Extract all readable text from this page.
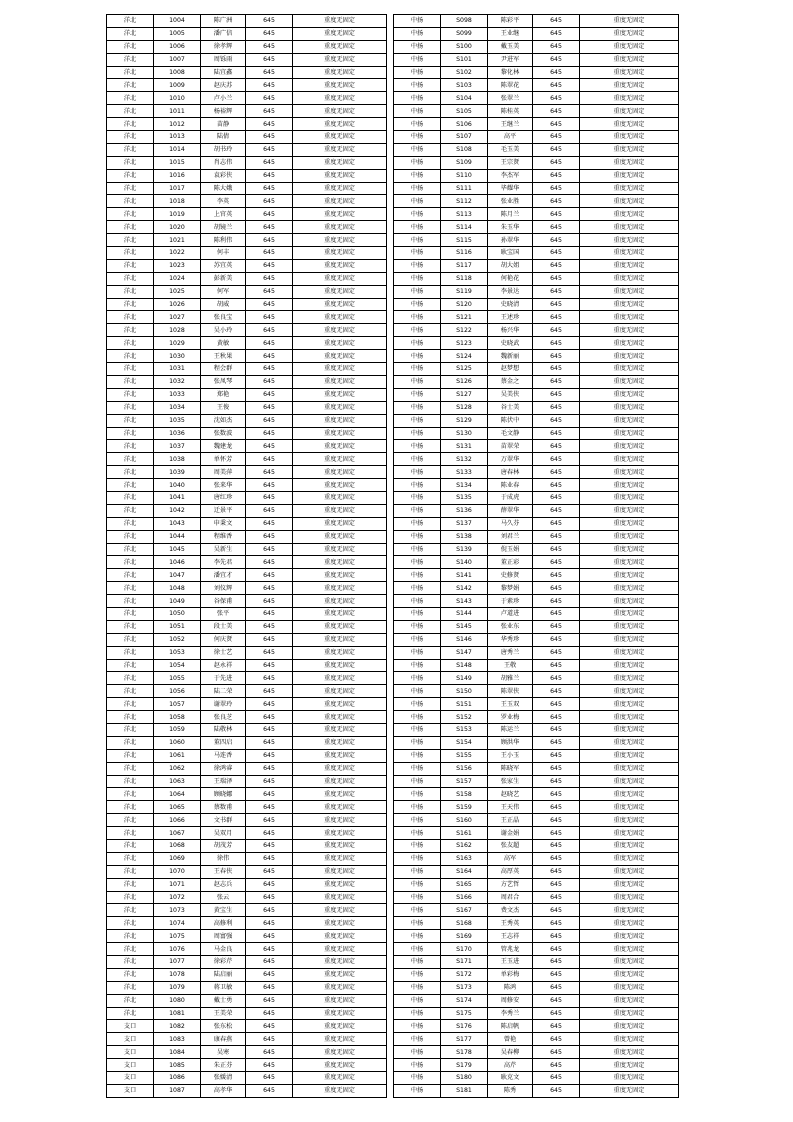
洋北	1004	陈广洲	645	重度无固定
洋北	1005	潘广信	645	重度无固定
洋北	1006	徐孝辉	645	重度无固定
洋北	1007	周铄雨	645	重度无固定
洋北	1008	陆宜鑫	645	重度无固定
洋北	1009	赵庆苏	645	重度无固定
洋北	1010	卢小兰	645	重度无固定
洋北	1011	杨裕辉	645	重度无固定
洋北	1012	苗静	645	重度无固定
洋北	1013	陆倩	645	重度无固定
洋北	1014	胡书玲	645	重度无固定
洋北	1015	肖志伟	645	重度无固定
洋北	1016	袁彩侠	645	重度无固定
洋北	1017	陈大娥	645	重度无固定
洋北	1018	李英	645	重度无固定
洋北	1019	上官英	645	重度无固定
洋北	1020	胡镜兰	645	重度无固定
洋北	1021	陈利伟	645	重度无固定
洋北	1022	何丰	645	重度无固定
洋北	1023	苏宜英	645	重度无固定
洋北	1024	彭新美	645	重度无固定
洋北	1025	何军	645	重度无固定
洋北	1026	胡威	645	重度无固定
洋北	1027	张良宝	645	重度无固定
洋北	1028	吴小玲	645	重度无固定
洋北	1029	黄敏	645	重度无固定
洋北	1030	王秋果	645	重度无固定
洋北	1031	程会群	645	重度无固定
洋北	1032	张凤琴	645	重度无固定
洋北	1033	郑艳	645	重度无固定
洋北	1034	王俊	645	重度无固定
洋北	1035	沈如杰	645	重度无固定
洋北	1036	张数波	645	重度无固定
洋北	1037	魏建龙	645	重度无固定
洋北	1038	单怀芳	645	重度无固定
洋北	1039	周美萍	645	重度无固定
洋北	1040	张来华	645	重度无固定
洋北	1041	唐红珍	645	重度无固定
洋北	1042	迁景平	645	重度无固定
洋北	1043	申秉文	645	重度无固定
洋北	1044	程维香	645	重度无固定
洋北	1045	吴新生	645	重度无固定
洋北	1046	李先君	645	重度无固定
洋北	1047	潘宜才	645	重度无固定
洋北	1048	刘仪辉	645	重度无固定
洋北	1049	谷保甫	645	重度无固定
洋北	1050	张平	645	重度无固定
洋北	1051	段士美	645	重度无固定
洋北	1052	何庆贤	645	重度无固定
洋北	1053	徐士艺	645	重度无固定
洋北	1054	赵永祥	645	重度无固定
洋北	1055	于先进	645	重度无固定
洋北	1056	陆二荣	645	重度无固定
洋北	1057	谢翠玲	645	重度无固定
洋北	1058	张良芝	645	重度无固定
洋北	1059	陆敬林	645	重度无固定
洋北	1060	董四启	645	重度无固定
洋北	1061	马连香	645	重度无固定
洋北	1062	徐鸿睿	645	重度无固定
洋北	1063	王瑞泽	645	重度无固定
洋北	1064	顾晓娜	645	重度无固定
洋北	1065	蔡数甫	645	重度无固定
洋北	1066	文书群	645	重度无固定
洋北	1067	吴双月	645	重度无固定
洋北	1068	胡茂芳	645	重度无固定
洋北	1069	徐伟	645	重度无固定
洋北	1070	王春侠	645	重度无固定
洋北	1071	赵志兵	645	重度无固定
洋北	1072	张云	645	重度无固定
洋北	1073	黄宝生	645	重度无固定
洋北	1074	高修利	645	重度无固定
洋北	1075	周富强	645	重度无固定
洋北	1076	马金良	645	重度无固定
洋北	1077	徐彩芹	645	重度无固定
洋北	1078	陆启丽	645	重度无固定
洋北	1079	蒋卫敏	645	重度无固定
洋北	1080	戴士勇	645	重度无固定
洋北	1081	王美荣	645	重度无固定
支口	1082	张东松	645	重度无固定
支口	1083	康春燕	645	重度无固定
支口	1084	吴寒	645	重度无固定
支口	1085	朱正芬	645	重度无固定
支口	1086	张媛清	645	重度无固定
支口	1087	高孝华	645	重度无固定
中扬	S098	陈彩平	645	重度无固定
中扬	S099	王业继	645	重度无固定
中扬	S100	戴玉美	645	重度无固定
中扬	S101	尹进军	645	重度无固定
中扬	S102	黎化林	645	重度无固定
中扬	S103	陈翠花	645	重度无固定
中扬	S104	张翠兰	645	重度无固定
中扬	S105	陈桂英	645	重度无固定
中扬	S106	王继兰	645	重度无固定
中扬	S107	高平	645	重度无固定
中扬	S108	毛玉美	645	重度无固定
中扬	S109	王宗贤	645	重度无固定
中扬	S110	李杰军	645	重度无固定
中扬	S111	毕耀华	645	重度无固定
中扬	S112	张业胜	645	重度无固定
中扬	S113	陈月兰	645	重度无固定
中扬	S114	朱玉华	645	重度无固定
中扬	S115	孙翠华	645	重度无固定
中扬	S116	耿宝国	645	重度无固定
中扬	S117	胡大姐	645	重度无固定
中扬	S118	何艳花	645	重度无固定
中扬	S119	李景达	645	重度无固定
中扬	S120	史晓清	645	重度无固定
中扬	S121	王述珍	645	重度无固定
中扬	S122	杨兴华	645	重度无固定
中扬	S123	史晓武	645	重度无固定
中扬	S124	魏新丽	645	重度无固定
中扬	S125	赵梦想	645	重度无固定
中扬	S126	蔡金之	645	重度无固定
中扬	S127	吴美侠	645	重度无固定
中扬	S128	谷士美	645	重度无固定
中扬	S129	陈伏中	645	重度无固定
中扬	S130	毛文静	645	重度无固定
中扬	S131	苗翠荣	645	重度无固定
中扬	S132	万翠华	645	重度无固定
中扬	S133	唐春林	645	重度无固定
中扬	S134	陈业春	645	重度无固定
中扬	S135	于成虎	645	重度无固定
中扬	S136	薛翠华	645	重度无固定
中扬	S137	马久芬	645	重度无固定
中扬	S138	刘君兰	645	重度无固定
中扬	S139	倪玉娟	645	重度无固定
中扬	S140	董正彩	645	重度无固定
中扬	S141	史修贤	645	重度无固定
中扬	S142	黎梦娟	645	重度无固定
中扬	S143	于素珍	645	重度无固定
中扬	S144	卢道进	645	重度无固定
中扬	S145	张业东	645	重度无固定
中扬	S146	华秀珍	645	重度无固定
中扬	S147	唐秀兰	645	重度无固定
中扬	S148	王敬	645	重度无固定
中扬	S149	胡雅兰	645	重度无固定
中扬	S150	陈翠侠	645	重度无固定
中扬	S151	王玉双	645	重度无固定
中扬	S152	罗业梅	645	重度无固定
中扬	S153	陈运兰	645	重度无固定
中扬	S154	顾洪华	645	重度无固定
中扬	S155	王小玉	645	重度无固定
中扬	S156	陈晓军	645	重度无固定
中扬	S157	张家生	645	重度无固定
中扬	S158	赵晓艺	645	重度无固定
中扬	S159	王天伟	645	重度无固定
中扬	S160	王正晶	645	重度无固定
中扬	S161	谢金娟	645	重度无固定
中扬	S162	张友超	645	重度无固定
中扬	S163	高军	645	重度无固定
中扬	S164	高厚英	645	重度无固定
中扬	S165	方艺哲	645	重度无固定
中扬	S166	周君合	645	重度无固定
中扬	S167	费文杰	645	重度无固定
中扬	S168	王秀英	645	重度无固定
中扬	S169	王志祥	645	重度无固定
中扬	S170	管兆龙	645	重度无固定
中扬	S171	王玉进	645	重度无固定
中扬	S172	单彩梅	645	重度无固定
中扬	S173	陈鸿	645	重度无固定
中扬	S174	周修安	645	重度无固定
中扬	S175	李秀兰	645	重度无固定
中扬	S176	陈启帆	645	重度无固定
中扬	S177	曾艳	645	重度无固定
中扬	S178	吴春柳	645	重度无固定
中扬	S179	高芹	645	重度无固定
中扬	S180	耿克文	645	重度无固定
中扬	S181	陈秀	645	重度无固定
